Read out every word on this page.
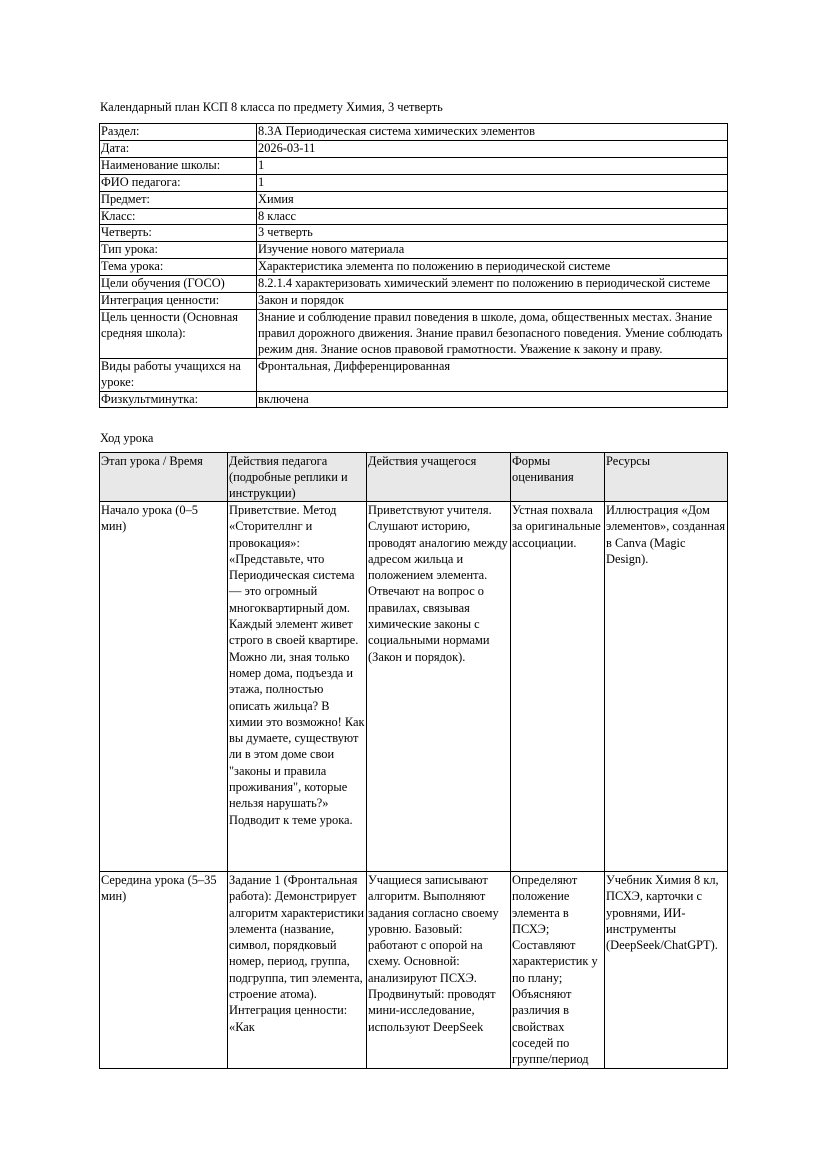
Календарный план КСП 8 класса по предмету Химия, 3 четверть
Раздел:	8.3А Периодическая система химических элементов
Дата:	2026-03-11
Наименование школы:	1
ФИО педагога:	1
Предмет:	Химия
Класс:	8 класс
Четверть:	3 четверть
Тип урока:	Изучение нового материала
Тема урока:	Характеристика элемента по положению в периодической системе
Цели обучения (ГОСО)	8.2.1.4 характеризовать химический элемент по положению в периодической системе
Интеграция ценности:	Закон и порядок
Цель ценности (Основная средняя школа):	Знание и соблюдение правил поведения в школе, дома, общественных местах. Знание правил дорожного движения. Знание правил безопасного поведения. Умение соблюдать режим дня. Знание основ правовой грамотности. Уважение к закону и праву.
Виды работы учащихся на уроке:	Фронтальная, Дифференцированная
Физкультминутка:	включена
Ход урока
Этап урока / Время	Действия педагога (подробные реплики и инструкции)	Действия учащегося	Формы оценивания	Ресурсы
Начало урока (0–5 мин)	Приветствие. Метод «Сторителлнг и провокация»: «Представьте, что Периодическая система — это огромный многоквартирный дом. Каждый элемент живет строго в своей квартире. Можно ли, зная только номер дома, подъезда и этажа, полностью описать жильца? В химии это возможно! Как вы думаете, существуют ли в этом доме свои "законы и правила проживания", которые нельзя нарушать?» Подводит к теме урока.	Приветствуют учителя. Слушают историю, проводят аналогию между адресом жильца и положением элемента. Отвечают на вопрос о правилах, связывая химические законы с социальными нормами (Закон и порядок).	Устная похвала за оригинальные ассоциации.	Иллюстрация «Дом элементов», созданная в Canva (Magic Design).
Середина урока (5–35 мин)	Задание 1 (Фронтальная работа): Демонстрирует алгоритм характеристики элемента (название, символ, порядковый номер, период, группа, подгруппа, тип элемента, строение атома). Интеграция ценности: «Как	Учащиеся записывают алгоритм. Выполняют задания согласно своему уровню. Базовый: работают с опорой на схему. Основной: анализируют ПСХЭ. Продвинутый: проводят мини-исследование, используют DeepSeek	Определяют положение элемента в ПСХЭ; Составляют характеристик у по плану; Объясняют различия в свойствах соседей по группе/период	Учебник Химия 8 кл, ПСХЭ, карточки с уровнями, ИИ-инструменты (DeepSeek/ChatGPT).
